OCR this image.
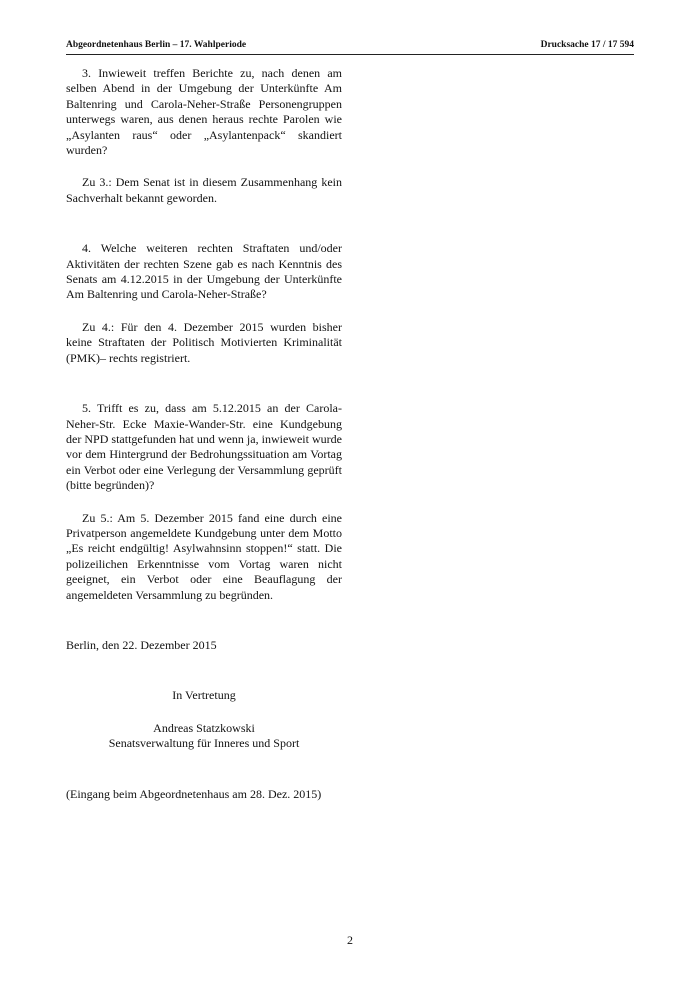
Abgeordnetenhaus Berlin – 17. Wahlperiode	Drucksache 17 / 17 594

3. Inwieweit treffen Berichte zu, nach denen am selben Abend in der Umgebung der Unterkünfte Am Baltenring und Carola-Neher-Straße Personengruppen unterwegs waren, aus denen heraus rechte Parolen wie „Asylanten raus“ oder „Asylantenpack“ skandiert wurden?

Zu 3.: Dem Senat ist in diesem Zusammenhang kein Sachverhalt bekannt geworden.

4. Welche weiteren rechten Straftaten und/oder Aktivitäten der rechten Szene gab es nach Kenntnis des Senats am 4.12.2015 in der Umgebung der Unterkünfte Am Baltenring und Carola-Neher-Straße?

Zu 4.: Für den 4. Dezember 2015 wurden bisher keine Straftaten der Politisch Motivierten Kriminalität (PMK)– rechts registriert.

5. Trifft es zu, dass am 5.12.2015 an der Carola-Neher-Str. Ecke Maxie-Wander-Str. eine Kundgebung der NPD stattgefunden hat und wenn ja, inwieweit wurde vor dem Hintergrund der Bedrohungssituation am Vortag ein Verbot oder eine Verlegung der Versammlung geprüft (bitte begründen)?

Zu 5.: Am 5. Dezember 2015 fand eine durch eine Privatperson angemeldete Kundgebung unter dem Motto „Es reicht endgültig! Asylwahnsinn stoppen!“ statt. Die polizeilichen Erkenntnisse vom Vortag waren nicht geeignet, ein Verbot oder eine Beauflagung der angemeldeten Versammlung zu begründen.

Berlin, den 22. Dezember 2015

In Vertretung

Andreas Statzkowski

Senatsverwaltung für Inneres und Sport

(Eingang beim Abgeordnetenhaus am 28. Dez. 2015)

2
